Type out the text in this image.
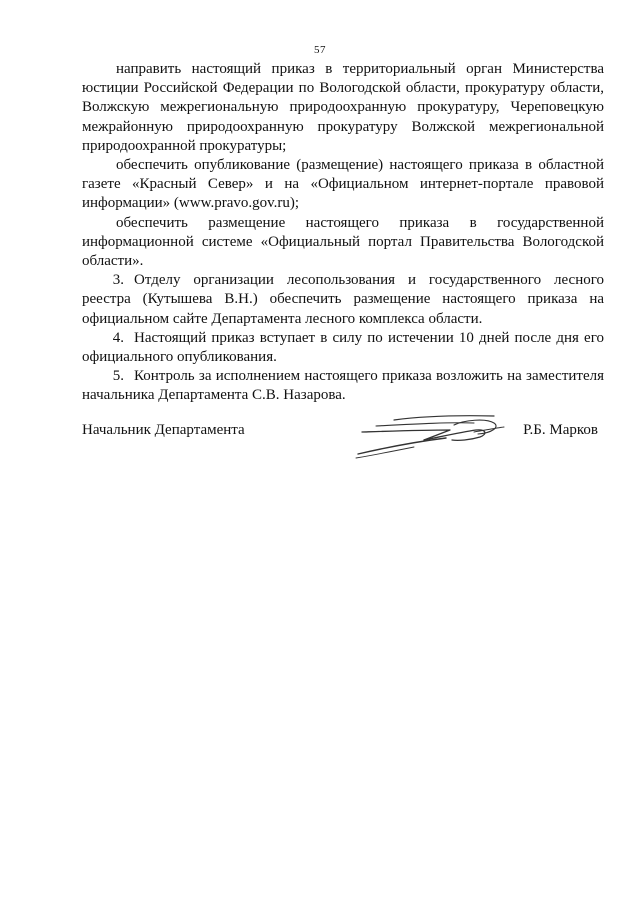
57

направить настоящий приказ в территориальный орган Министерства юстиции Российской Федерации по Вологодской области, прокуратуру области, Волжскую межрегиональную природоохранную прокуратуру, Череповецкую межрайонную природоохранную прокуратуру Волжской межрегиональной природоохранной прокуратуры;

обеспечить опубликование (размещение) настоящего приказа в областной газете «Красный Север» и на «Официальном интернет-портале правовой информации» (www.pravo.gov.ru);

обеспечить размещение настоящего приказа в государственной информационной системе «Официальный портал Правительства Вологодской области».

3. Отделу организации лесопользования и государственного лесного реестра (Кутышева В.Н.) обеспечить размещение настоящего приказа на официальном сайте Департамента лесного комплекса области.

4. Настоящий приказ вступает в силу по истечении 10 дней после дня его официального опубликования.

5. Контроль за исполнением настоящего приказа возложить на заместителя начальника Департамента С.В. Назарова.

Начальник Департамента	Р.Б. Марков
